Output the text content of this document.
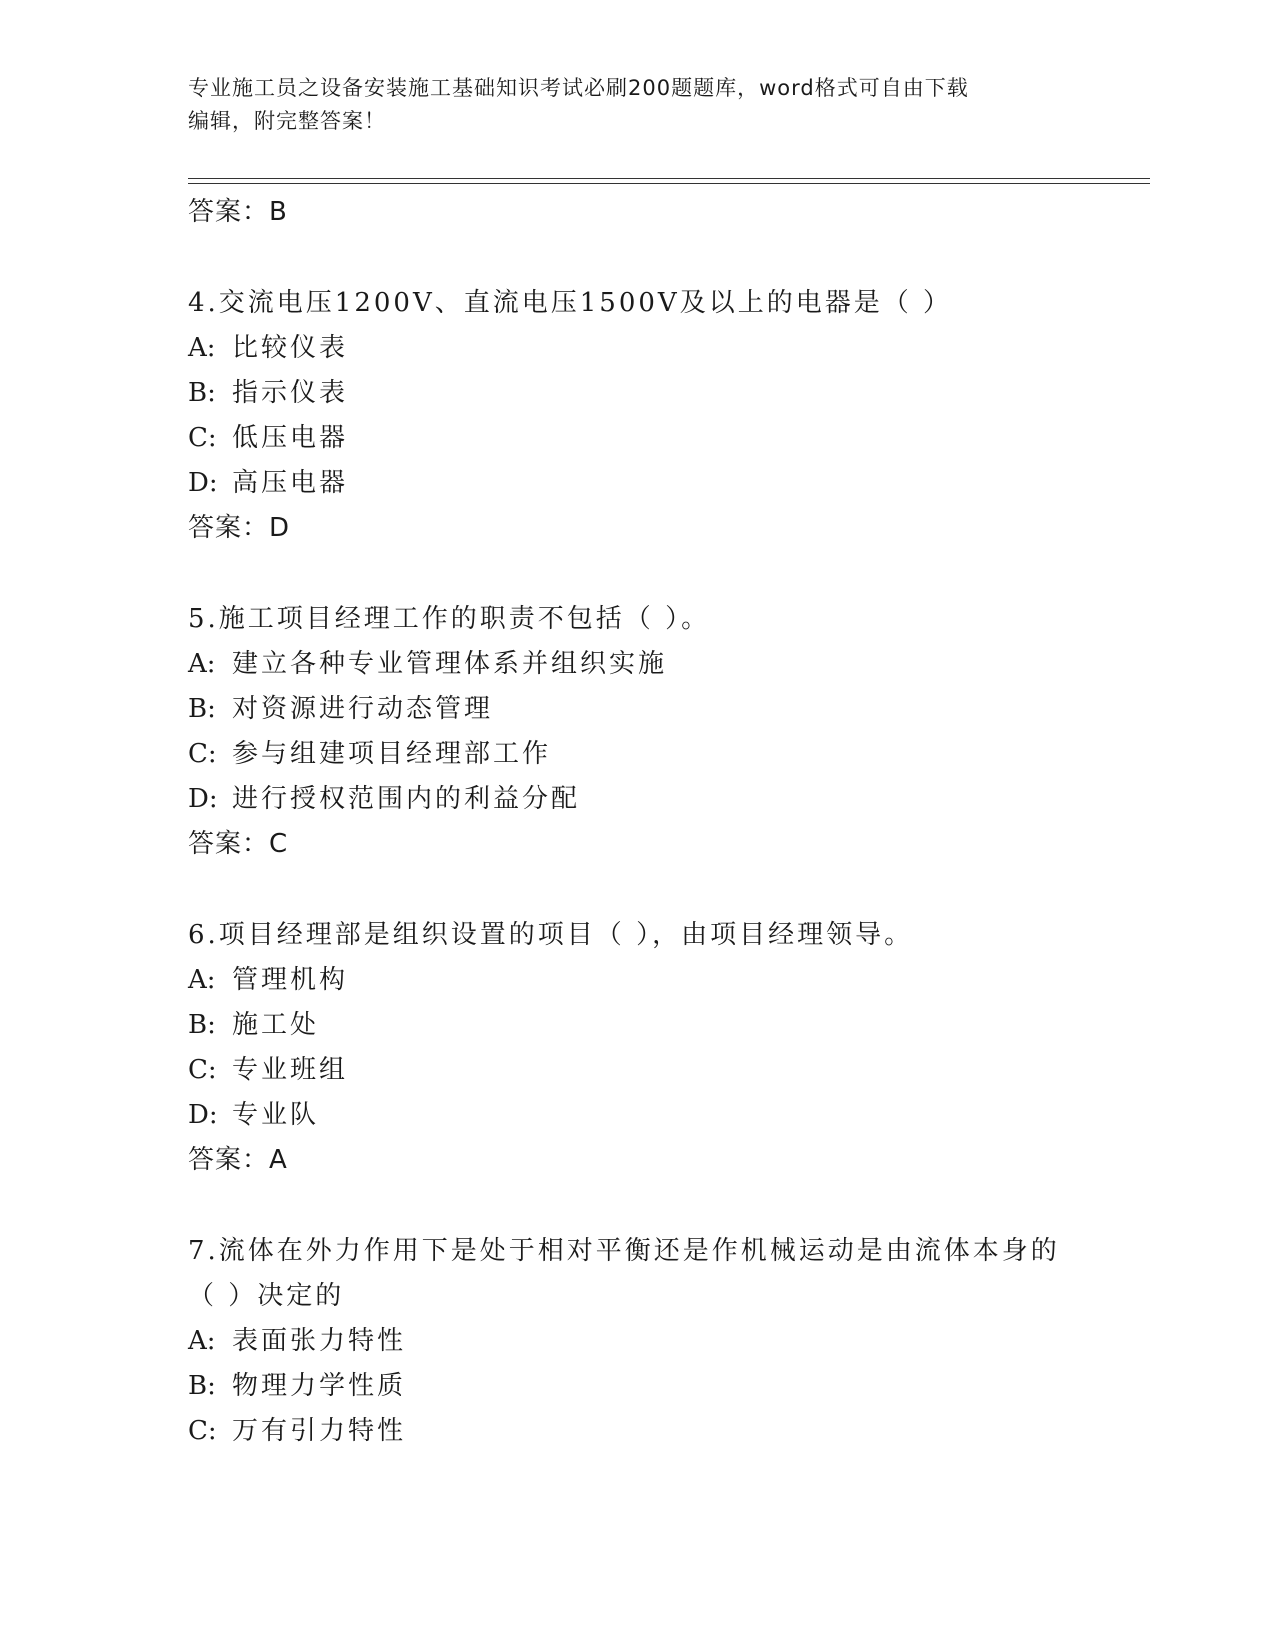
专业施工员之设备安装施工基础知识考试必刷200题题库，word格式可自由下载
编辑，附完整答案！
答案：B
4.交流电压1200V、直流电压1500V及以上的电器是（ ）
A: 比较仪表
B: 指示仪表
C: 低压电器
D: 高压电器
答案：D
5.施工项目经理工作的职责不包括（ ）。
A: 建立各种专业管理体系并组织实施
B: 对资源进行动态管理
C: 参与组建项目经理部工作
D: 进行授权范围内的利益分配
答案：C
6.项目经理部是组织设置的项目（ ），由项目经理领导。
A: 管理机构
B: 施工处
C: 专业班组
D: 专业队
答案：A
7.流体在外力作用下是处于相对平衡还是作机械运动是由流体本身的
（ ）决定的
A: 表面张力特性
B: 物理力学性质
C: 万有引力特性
